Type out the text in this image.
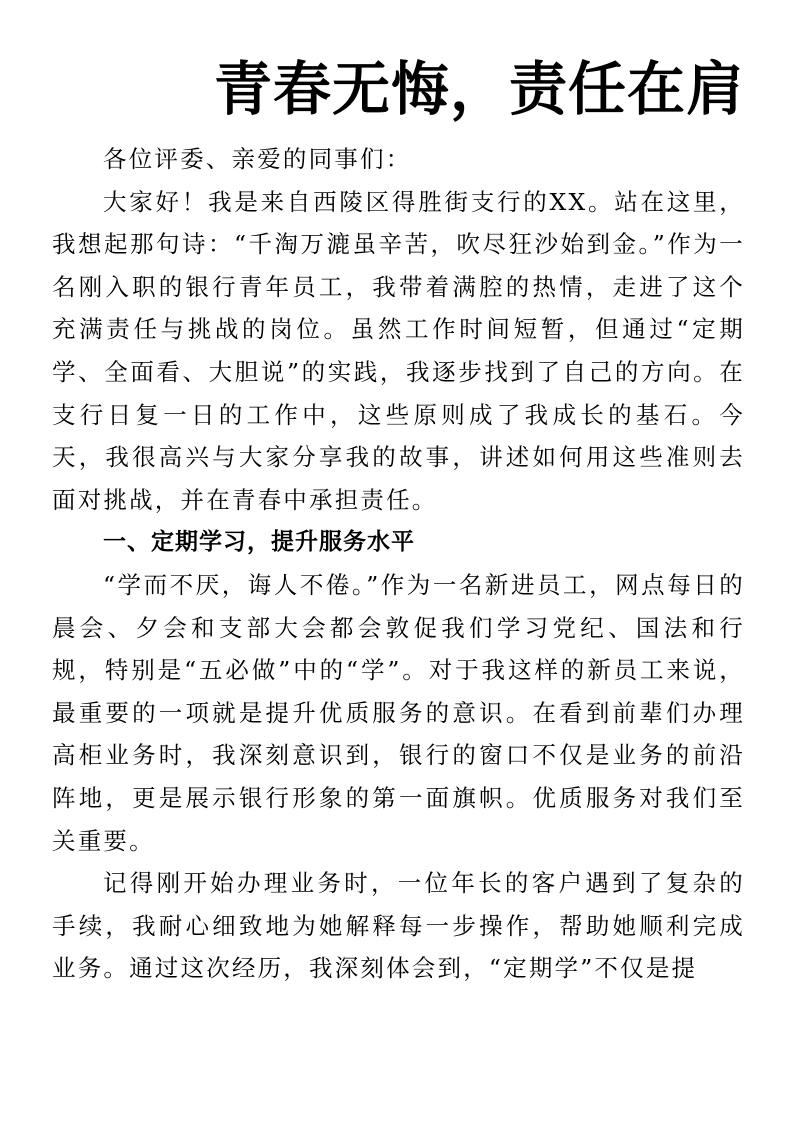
青春无悔，责任在肩

各位评委、亲爱的同事们：

大家好！我是来自西陵区得胜街支行的XX。站在这里，我想起那句诗：“千淘万漉虽辛苦，吹尽狂沙始到金。”作为一名刚入职的银行青年员工，我带着满腔的热情，走进了这个充满责任与挑战的岗位。虽然工作时间短暂，但通过“定期学、全面看、大胆说”的实践，我逐步找到了自己的方向。在支行日复一日的工作中，这些原则成了我成长的基石。今天，我很高兴与大家分享我的故事，讲述如何用这些准则去面对挑战，并在青春中承担责任。

一、定期学习，提升服务水平

“学而不厌，诲人不倦。”作为一名新进员工，网点每日的晨会、夕会和支部大会都会敦促我们学习党纪、国法和行规，特别是“五必做”中的“学”。对于我这样的新员工来说，最重要的一项就是提升优质服务的意识。在看到前辈们办理高柜业务时，我深刻意识到，银行的窗口不仅是业务的前沿阵地，更是展示银行形象的第一面旗帜。优质服务对我们至关重要。

记得刚开始办理业务时，一位年长的客户遇到了复杂的手续，我耐心细致地为她解释每一步操作，帮助她顺利完成业务。通过这次经历，我深刻体会到，“定期学”不仅是提
